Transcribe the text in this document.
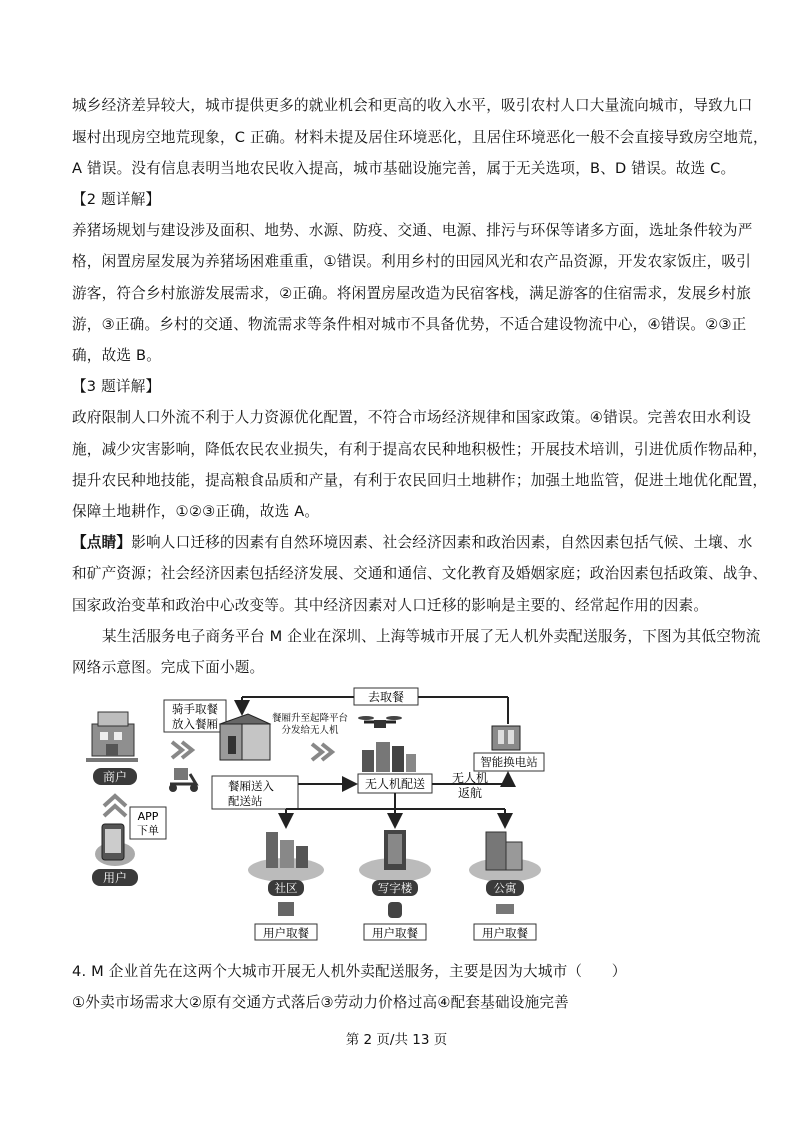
城乡经济差异较大，城市提供更多的就业机会和更高的收入水平，吸引农村人口大量流向城市，导致九口
堰村出现房空地荒现象，C 正确。材料未提及居住环境恶化，且居住环境恶化一般不会直接导致房空地荒，
A 错误。没有信息表明当地农民收入提高，城市基础设施完善，属于无关选项，B、D 错误。故选 C。
【2 题详解】
养猪场规划与建设涉及面积、地势、水源、防疫、交通、电源、排污与环保等诸多方面，选址条件较为严
格，闲置房屋发展为养猪场困难重重，①错误。利用乡村的田园风光和农产品资源，开发农家饭庄，吸引
游客，符合乡村旅游发展需求，②正确。将闲置房屋改造为民宿客栈，满足游客的住宿需求，发展乡村旅
游，③正确。乡村的交通、物流需求等条件相对城市不具备优势，不适合建设物流中心，④错误。②③正
确，故选 B。
【3 题详解】
政府限制人口外流不利于人力资源优化配置，不符合市场经济规律和国家政策。④错误。完善农田水利设
施，减少灾害影响，降低农民农业损失，有利于提高农民种地积极性；开展技术培训，引进优质作物品种，
提升农民种地技能，提高粮食品质和产量，有利于农民回归土地耕作；加强土地监管，促进土地优化配置，
保障土地耕作，①②③正确，故选 A。
【点睛】影响人口迁移的因素有自然环境因素、社会经济因素和政治因素，自然因素包括气候、土壤、水
和矿产资源；社会经济因素包括经济发展、交通和通信、文化教育及婚姻家庭；政治因素包括政策、战争、
国家政治变革和政治中心改变等。其中经济因素对人口迁移的影响是主要的、经常起作用的因素。
某生活服务电子商务平台 M 企业在深圳、上海等城市开展了无人机外卖配送服务，下图为其低空物流
网络示意图。完成下面小题。
商户
APP
下单
用户
骑手取餐
放入餐厢
餐厢送入
配送站
餐厢升至起降平台
分发给无人机
去取餐
无人机配送
智能换电站
无人机
返航
社区	写字楼	公寓
用户取餐	用户取餐	用户取餐
4. M 企业首先在这两个大城市开展无人机外卖配送服务，主要是因为大城市（　　）
①外卖市场需求大②原有交通方式落后③劳动力价格过高④配套基础设施完善
第 2 页/共 13 页
